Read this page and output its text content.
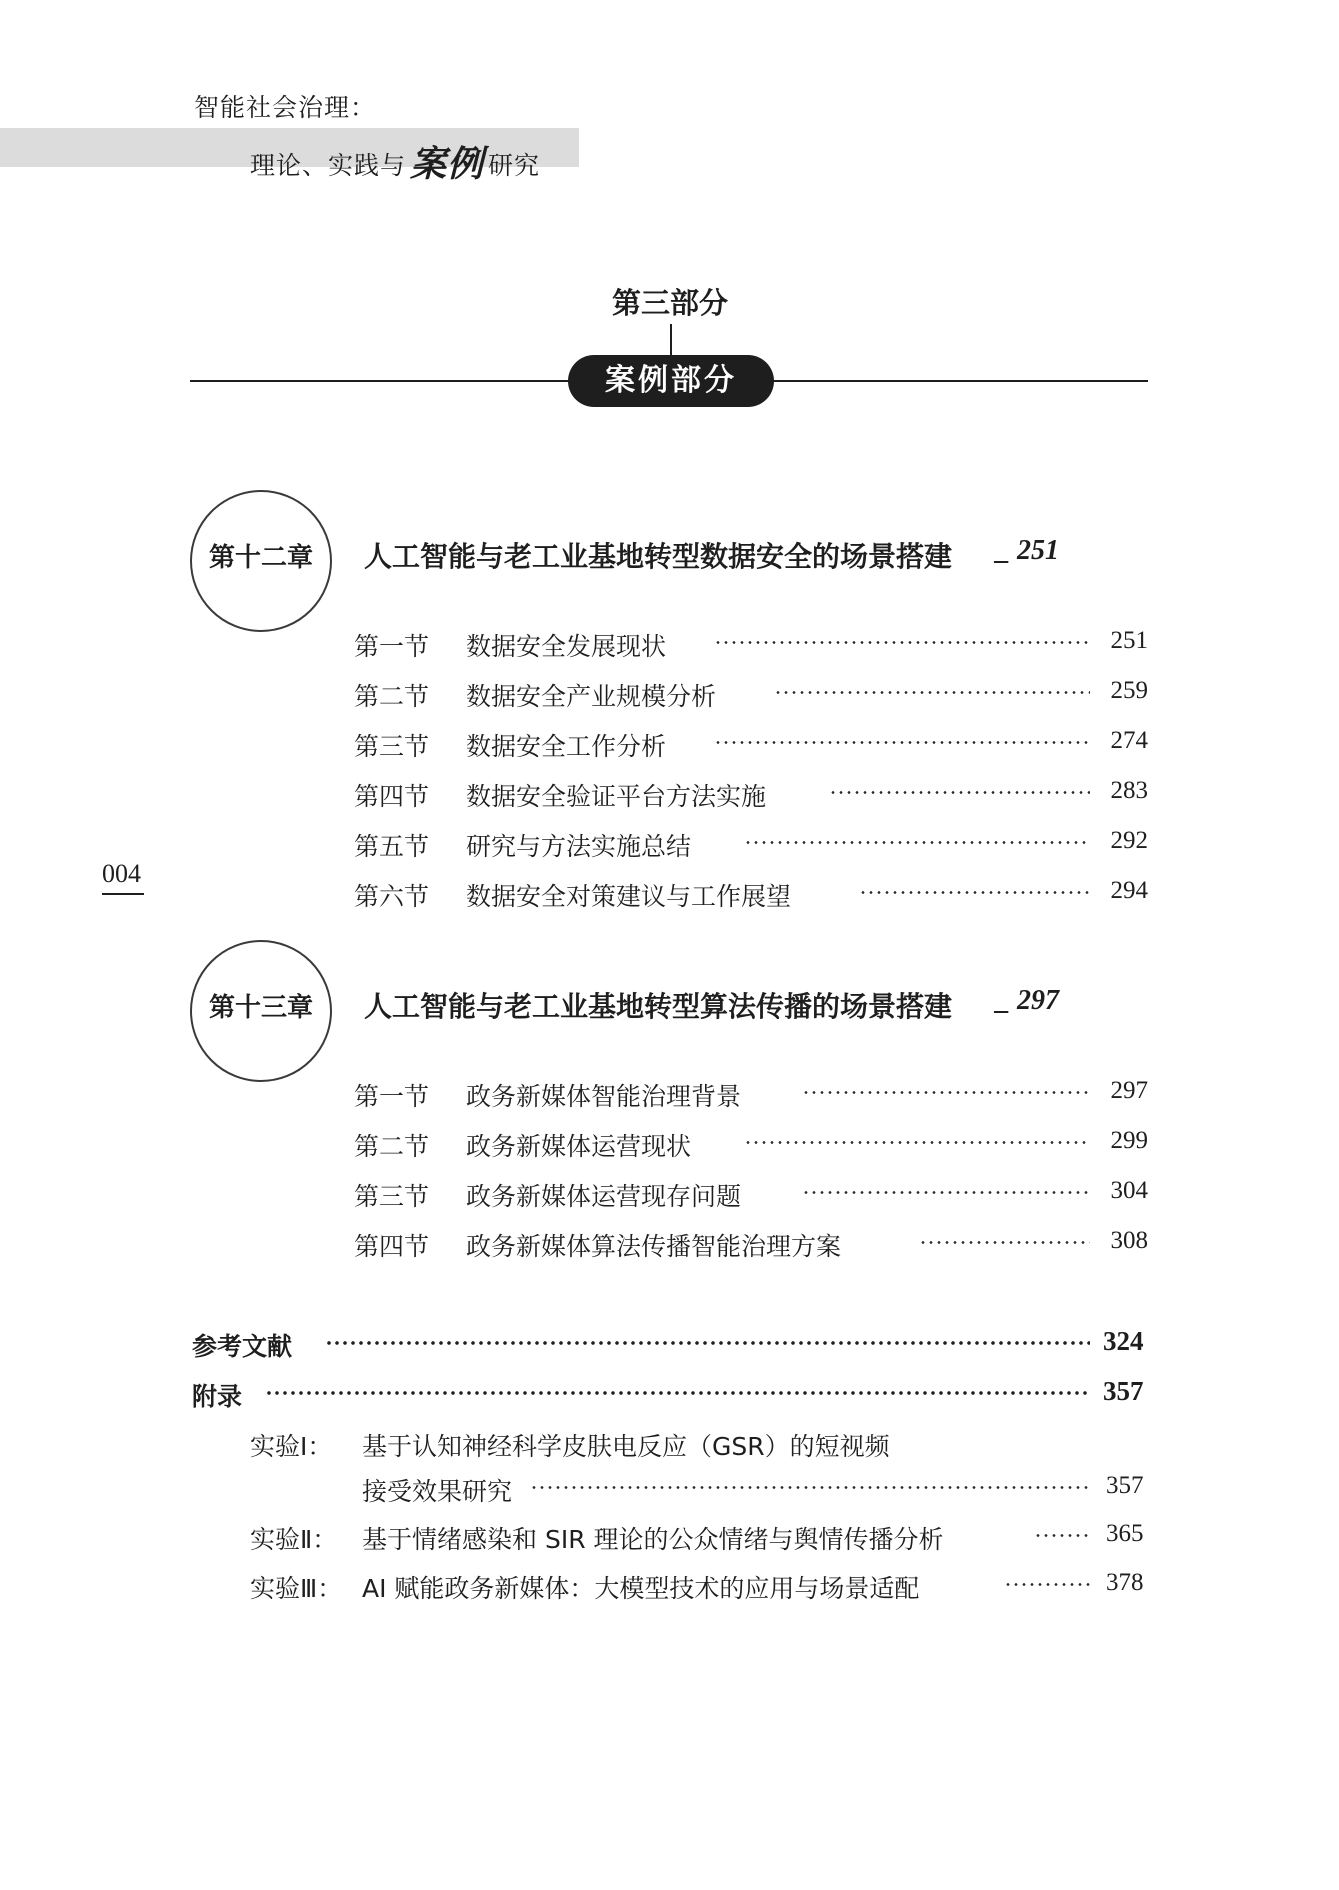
智能社会治理：
理论、实践与 案例 研究
第三部分
案例部分
第十二章	人工智能与老工业基地转型数据安全的场景搭建 _ 251
第一节 数据安全发展现状	251
第二节 数据安全产业规模分析	259
第三节 数据安全工作分析	274
第四节 数据安全验证平台方法实施	283
第五节 研究与方法实施总结	292
第六节 数据安全对策建议与工作展望	294
004
第十三章	人工智能与老工业基地转型算法传播的场景搭建 _ 297
第一节 政务新媒体智能治理背景	297
第二节 政务新媒体运营现状	299
第三节 政务新媒体运营现存问题	304
第四节 政务新媒体算法传播智能治理方案	308
参考文献	324
附录	357
实验Ⅰ： 基于认知神经科学皮肤电反应（GSR）的短视频
接受效果研究	357
实验Ⅱ： 基于情绪感染和 SIR 理论的公众情绪与舆情传播分析	365
实验Ⅲ： AI 赋能政务新媒体：大模型技术的应用与场景适配	378
